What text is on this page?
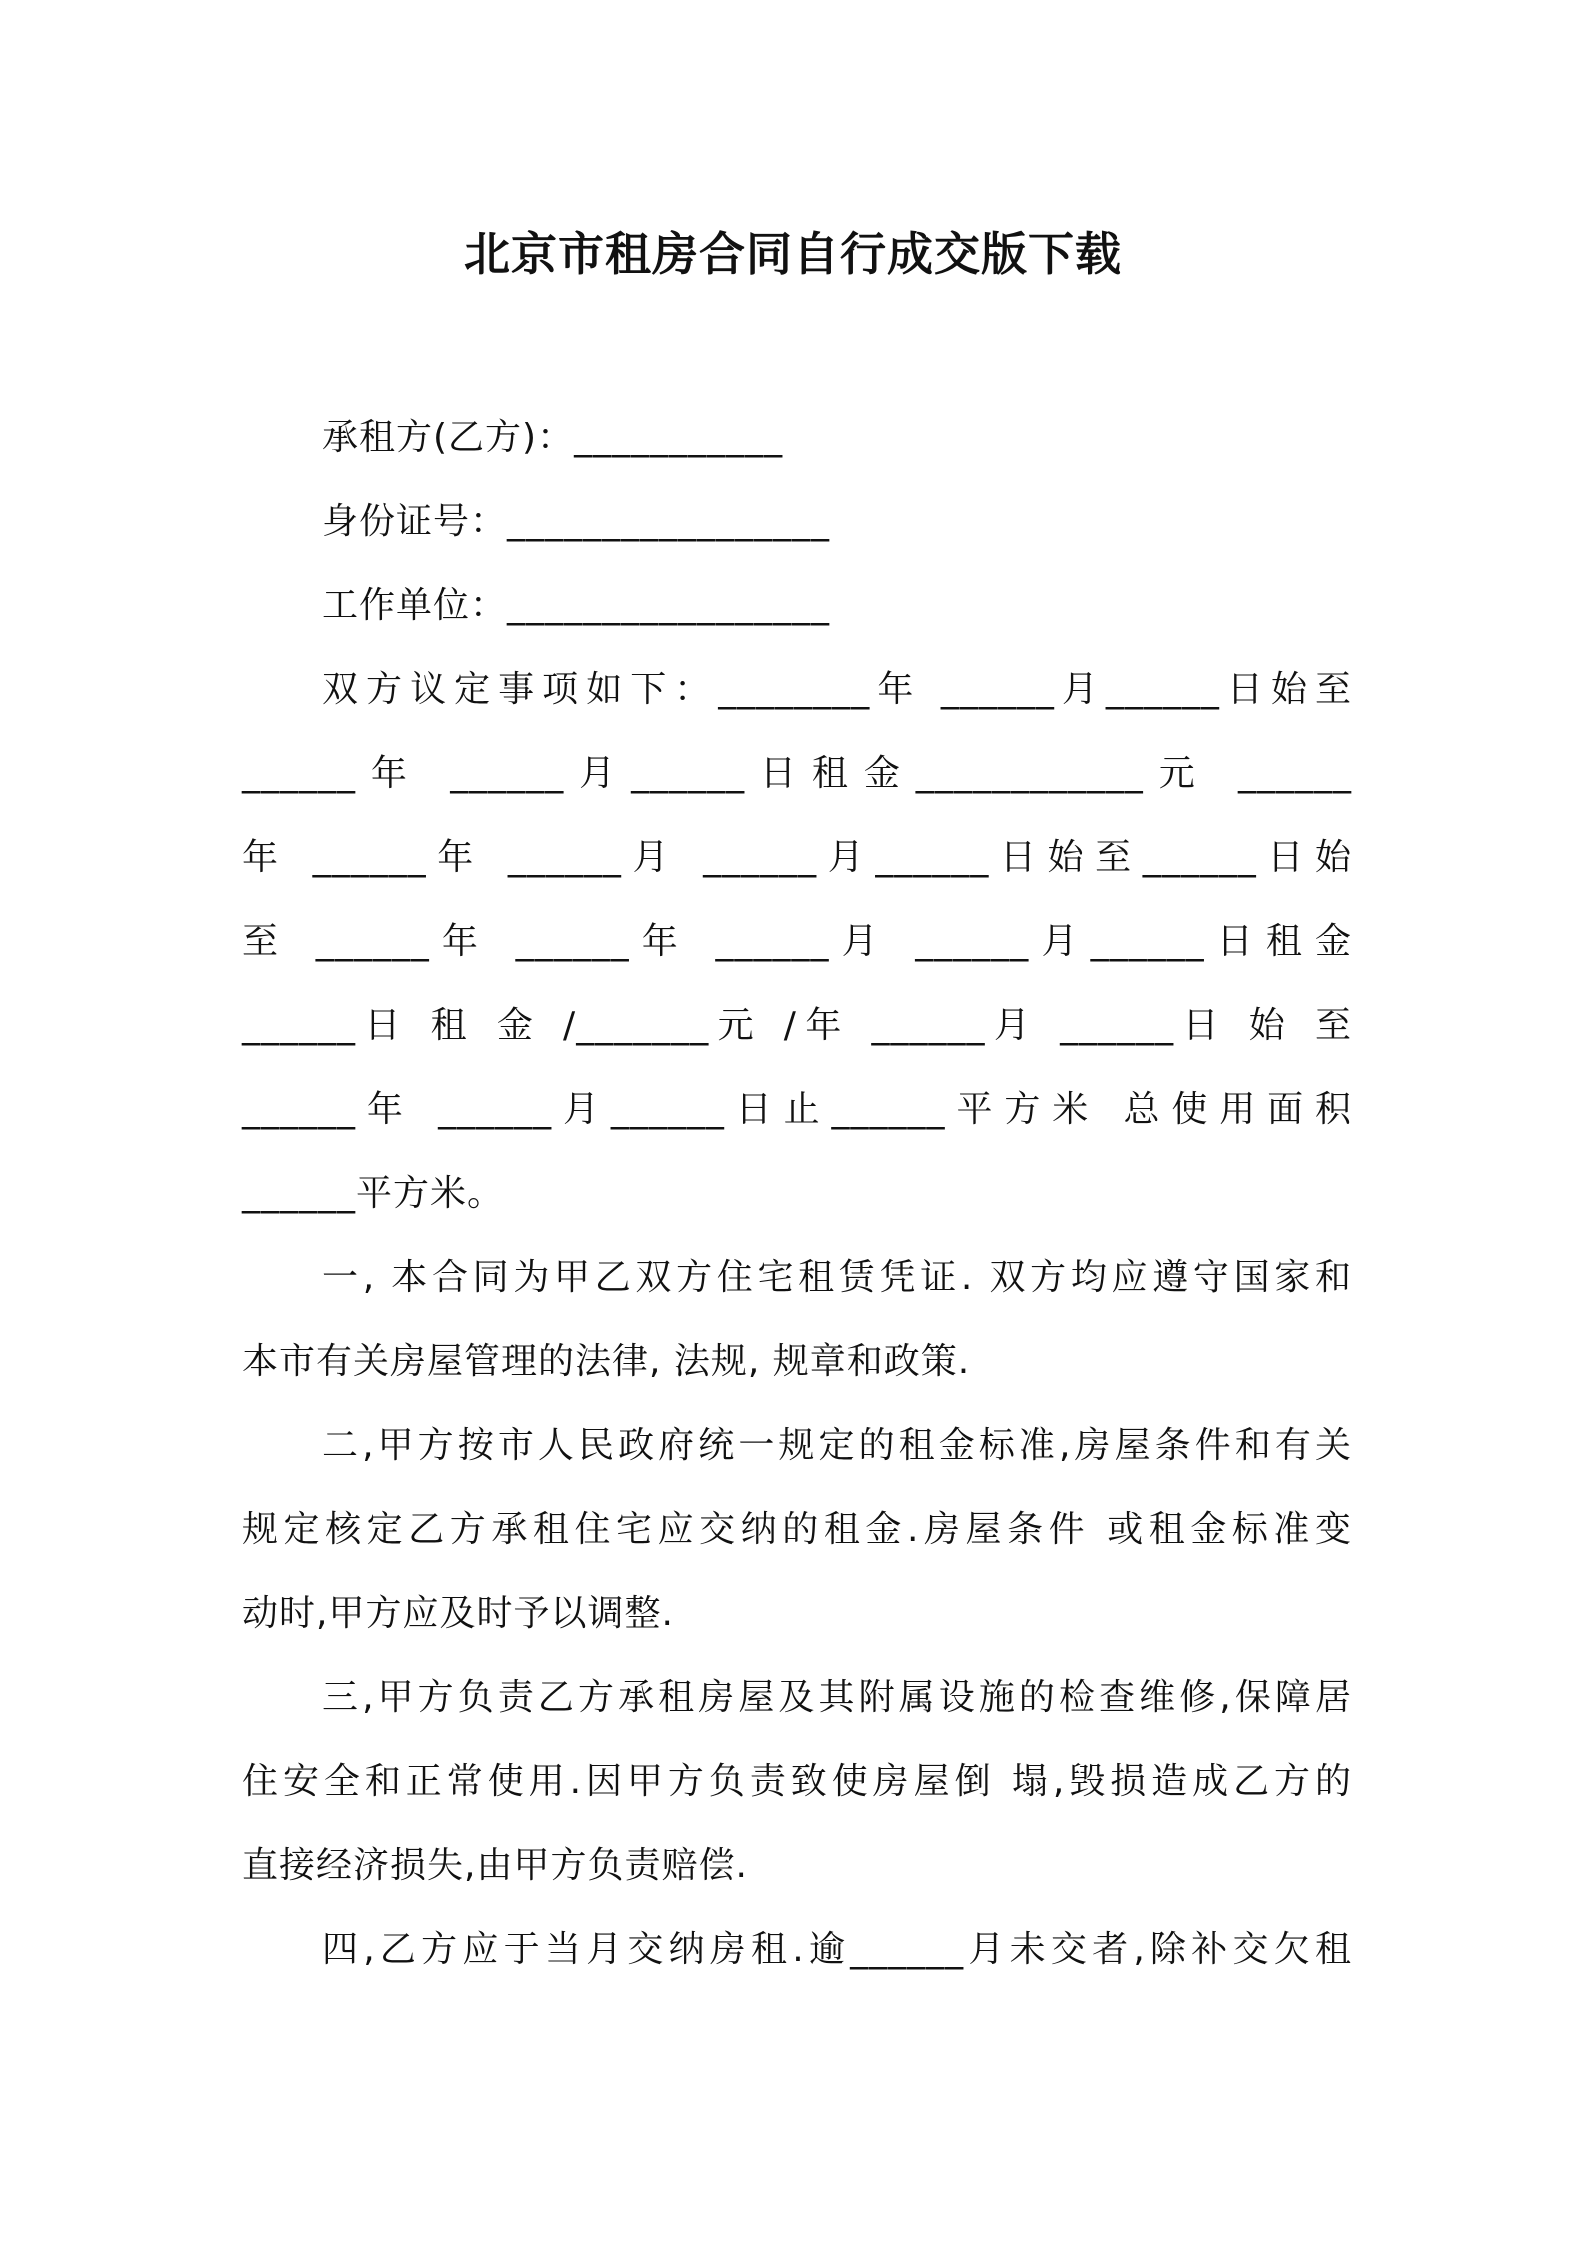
北京市租房合同自行成交版下载
承租方(乙方)：___________
身份证号：_________________
工作单位：_________________
双方议定事项如下：________年 ______月______日始至
______年 ______月______日租金____________元 ______
年 ______年 ______月 ______月______日始至______日始
至 ______年 ______年 ______月 ______月______日租金
______日 租 金 /_______元 /年 ______月 ______日 始 至
______年 ______月______日止______平方米 总使用面积
______平方米。
一, 本合同为甲乙双方住宅租赁凭证. 双方均应遵守国家和
本市有关房屋管理的法律, 法规, 规章和政策.
二,甲方按市人民政府统一规定的租金标准,房屋条件和有关
规定核定乙方承租住宅应交纳的租金.房屋条件 或租金标准变
动时,甲方应及时予以调整.
三,甲方负责乙方承租房屋及其附属设施的检查维修,保障居
住安全和正常使用.因甲方负责致使房屋倒 塌,毁损造成乙方的
直接经济损失,由甲方负责赔偿.
四,乙方应于当月交纳房租.逾______月未交者,除补交欠租
